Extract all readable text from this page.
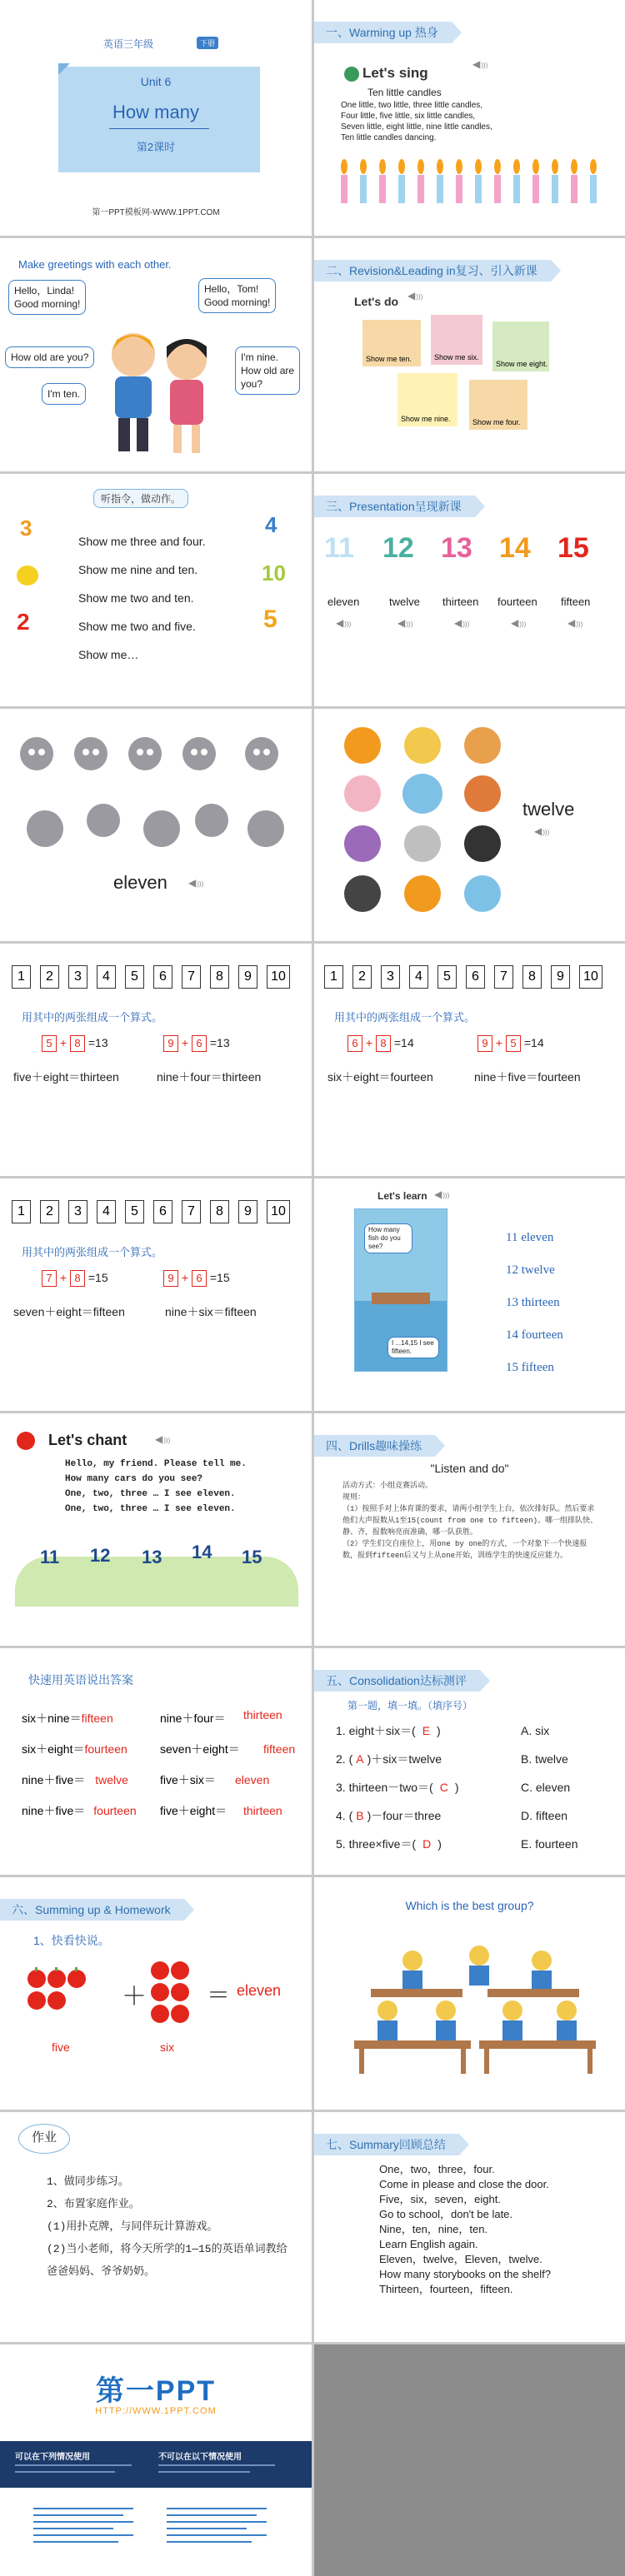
英语三年级	下册
Unit 6
How many
第2课时
第一PPT模板网-WWW.1PPT.COM
一、Warming up 热身
Let's sing
◀ )))
Ten little candles
One little, two little, three little candles,
Four little, five little, six little candles,
Seven little, eight little, nine little candles,
Ten little candles dancing.
Make greetings with each other.
Hello，Linda!
Good morning!
Hello，Tom!
Good morning!
How old are you?	I'm nine.
How old are
you?
I'm ten.
二、Revision&Leading in复习、引入新课
Let's do
◀ )))
Show me ten.	Show me six.
Show me eight.
Show me nine.	Show me four.
听指令，做动作。
3	4
10
2	5
Show me three and four.
Show me nine and ten.
Show me two and ten.
Show me two and five.
Show me…
三、Presentation呈现新课
11 12 13 14 15
eleven	twelve thirteen fourteen fifteen
◀ )))
◀ )))
◀ )))
◀ )))
◀ )))
eleven
◀ )))
twelve
◀ )))
1 2 3 4 5 6 7 8 9 10
用其中的两张组成一个算式。
5 + 8 =13	9 + 6 =13
five＋eight＝thirteen	nine＋four＝thirteen
1 2 3 4 5 6 7 8 9 10
用其中的两张组成一个算式。
6 + 8 =14	9 + 5 =14
six＋eight＝fourteen	nine＋five＝fourteen
1 2 3 4 5 6 7 8 9 10
用其中的两张组成一个算式。
7 + 8 =15	9 + 6 =15
seven＋eight＝fifteen	nine＋six＝fifteen
Let's learn
◀ )))
How many fish do you see?
I ...14,15 I see fifteen.
11 eleven
12 twelve
13 thirteen
14 fourteen
15 fifteen
Let's chant
◀ )))
Hello, my friend. Please tell me.
How many cars do you see?
One, two, three … I see eleven.
One, two, three … I see eleven.
11 12 13 14 15
四、Drills趣味操练
"Listen and do"
活动方式：小组竞赛活动。
规则：
（1）按照手对上体育课的要求，请两小组学生上台，依次排好队。然后要求他们大声报数从1至15(count from one to fifteen)。哪一组排队快、静、齐，报数响亮而准确，哪一队获胜。
（2）学生们交自座位上，用one by one的方式，一个对象下一个快速报数，报到fifteen后又与上从one开始，训练学生的快速反应能力。
快速用英语说出答案
six＋nine＝fifteen	nine＋four＝ thirteen
six＋eight＝fourteen	seven＋eight＝ fifteen
nine＋five＝ twelve	five＋six＝ eleven
nine＋five＝ fourteen five＋eight＝ thirteen
五、Consolidation达标测评
第一题，填一填。（填序号）
1. eight＋six＝( E )
2. ( A )＋six＝twelve
3. thirteen－two＝( C )
4. ( B )－four＝three
5. three×five＝( D )
A. six
B. twelve
C. eleven
D. fifteen
E. fourteen
六、Summing up & Homework
1、快看快说。
＋	＝ eleven
five	six
Which is the best group?
作业
1、做同步练习。
2、布置家庭作业。
(1)用扑克牌，与同伴玩计算游戏。
(2)当小老师，将今天所学的1—15的英语单词教给爸爸妈妈、爷爷奶奶。
七、Summary回顾总结
One，two，three，four.
Come in please and close the door.
Five，six，seven，eight.
Go to school，don't be late.
Nine，ten，nine，ten.
Learn English again.
Eleven，twelve，Eleven，twelve.
How many storybooks on the shelf?
Thirteen，fourteen，fifteen.
第一PPT
HTTP://WWW.1PPT.COM
可以在下列情况使用	不可以在以下情况使用
